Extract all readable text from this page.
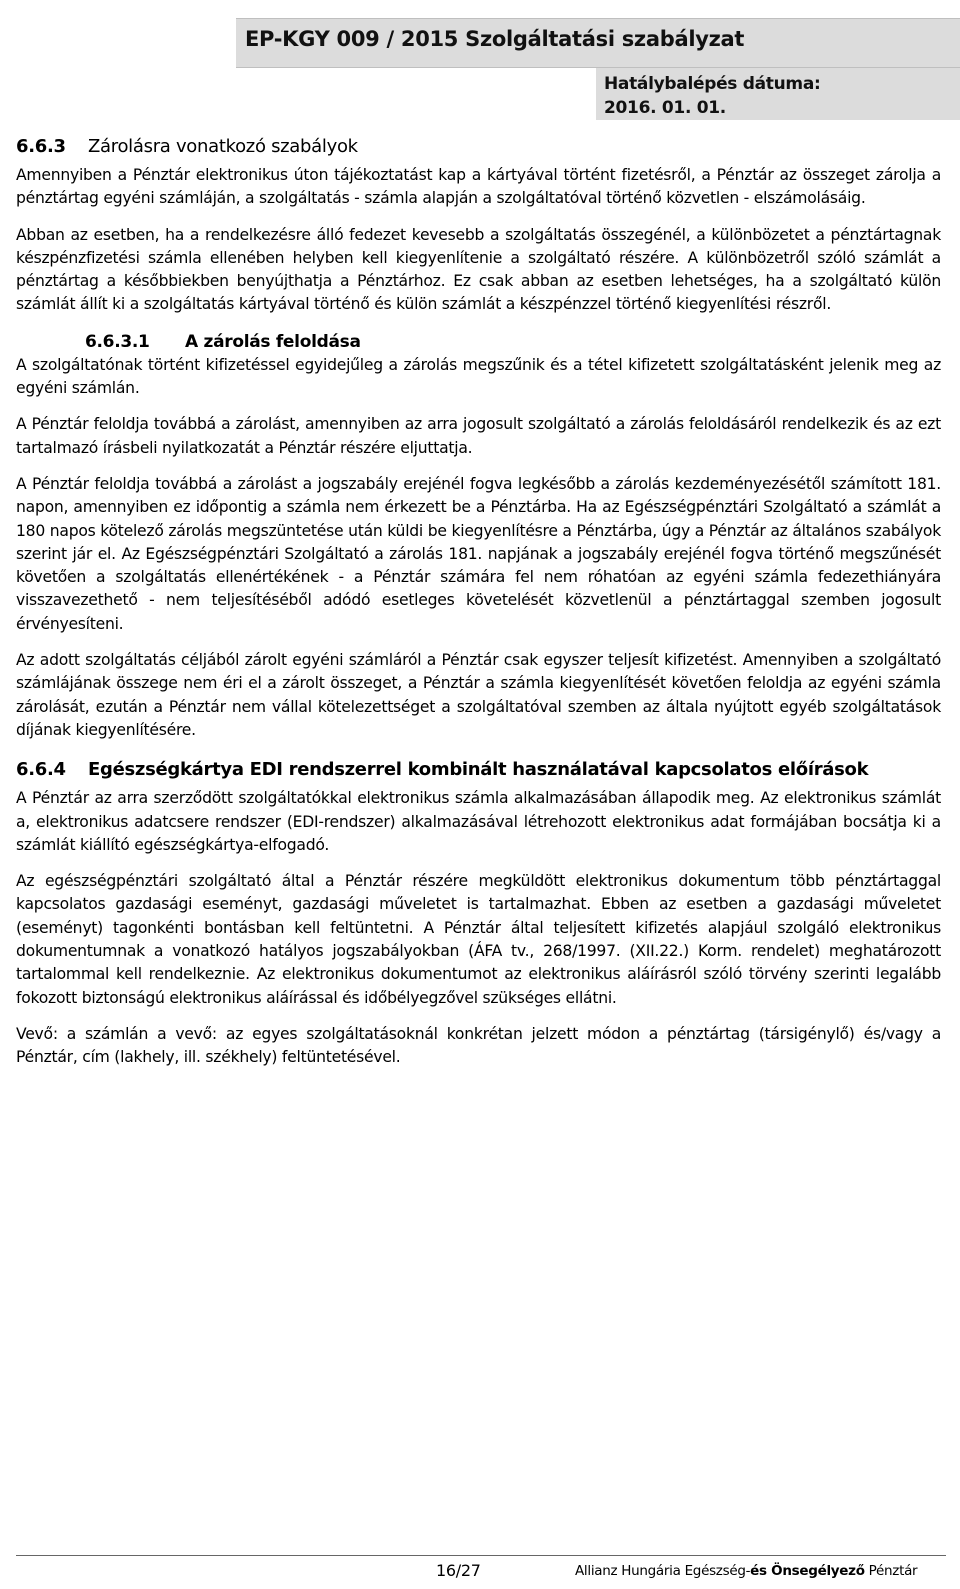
EP-KGY 009 / 2015 Szolgáltatási szabályzat
Hatálybalépés dátuma:
2016. 01. 01.
6.6.3 Zárolásra vonatkozó szabályok

Amennyiben a Pénztár elektronikus úton tájékoztatást kap a kártyával történt fizetésről, a Pénztár az összeget zárolja a pénztártag egyéni számláján, a szolgáltatás - számla alapján a szolgáltatóval történő közvetlen - elszámolásáig.

Abban az esetben, ha a rendelkezésre álló fedezet kevesebb a szolgáltatás összegénél, a különbözetet a pénztártagnak készpénzfizetési számla ellenében helyben kell kiegyenlítenie a szolgáltató részére. A különbözetről szóló számlát a pénztártag a későbbiekben benyújthatja a Pénztárhoz. Ez csak abban az esetben lehetséges, ha a szolgáltató külön számlát állít ki a szolgáltatás kártyával történő és külön számlát a készpénzzel történő kiegyenlítési részről.

6.6.3.1 A zárolás feloldása

A szolgáltatónak történt kifizetéssel egyidejűleg a zárolás megszűnik és a tétel kifizetett szolgáltatásként jelenik meg az egyéni számlán.

A Pénztár feloldja továbbá a zárolást, amennyiben az arra jogosult szolgáltató a zárolás feloldásáról rendelkezik és az ezt tartalmazó írásbeli nyilatkozatát a Pénztár részére eljuttatja.

A Pénztár feloldja továbbá a zárolást a jogszabály erejénél fogva legkésőbb a zárolás kezdeményezésétől számított 181. napon, amennyiben ez időpontig a számla nem érkezett be a Pénztárba. Ha az Egészségpénztári Szolgáltató a számlát a 180 napos kötelező zárolás megszüntetése után küldi be kiegyenlítésre a Pénztárba, úgy a Pénztár az általános szabályok szerint jár el. Az Egészségpénztári Szolgáltató a zárolás 181. napjának a jogszabály erejénél fogva történő megszűnését követően a szolgáltatás ellenértékének - a Pénztár számára fel nem róhatóan az egyéni számla fedezethiányára visszavezethető - nem teljesítéséből adódó esetleges követelését közvetlenül a pénztártaggal szemben jogosult érvényesíteni.

Az adott szolgáltatás céljából zárolt egyéni számláról a Pénztár csak egyszer teljesít kifizetést. Amennyiben a szolgáltató számlájának összege nem éri el a zárolt összeget, a Pénztár a számla kiegyenlítését követően feloldja az egyéni számla zárolását, ezután a Pénztár nem vállal kötelezettséget a szolgáltatóval szemben az általa nyújtott egyéb szolgáltatások díjának kiegyenlítésére.

6.6.4 Egészségkártya EDI rendszerrel kombinált használatával kapcsolatos előírások

A Pénztár az arra szerződött szolgáltatókkal elektronikus számla alkalmazásában állapodik meg. Az elektronikus számlát a, elektronikus adatcsere rendszer (EDI-rendszer) alkalmazásával létrehozott elektronikus adat formájában bocsátja ki a számlát kiállító egészségkártya-elfogadó.

Az egészségpénztári szolgáltató által a Pénztár részére megküldött elektronikus dokumentum több pénztártaggal kapcsolatos gazdasági eseményt, gazdasági műveletet is tartalmazhat. Ebben az esetben a gazdasági műveletet (eseményt) tagonkénti bontásban kell feltüntetni. A Pénztár által teljesített kifizetés alapjául szolgáló elektronikus dokumentumnak a vonatkozó hatályos jogszabályokban (ÁFA tv., 268/1997. (XII.22.) Korm. rendelet) meghatározott tartalommal kell rendelkeznie. Az elektronikus dokumentumot az elektronikus aláírásról szóló törvény szerinti legalább fokozott biztonságú elektronikus aláírással és időbélyegzővel szükséges ellátni.

Vevő: a számlán a vevő: az egyes szolgáltatásoknál konkrétan jelzett módon a pénztártag (társigénylő) és/vagy a Pénztár, cím (lakhely, ill. székhely) feltüntetésével.

16/27	Allianz Hungária Egészség-és Önsegélyező Pénztár
